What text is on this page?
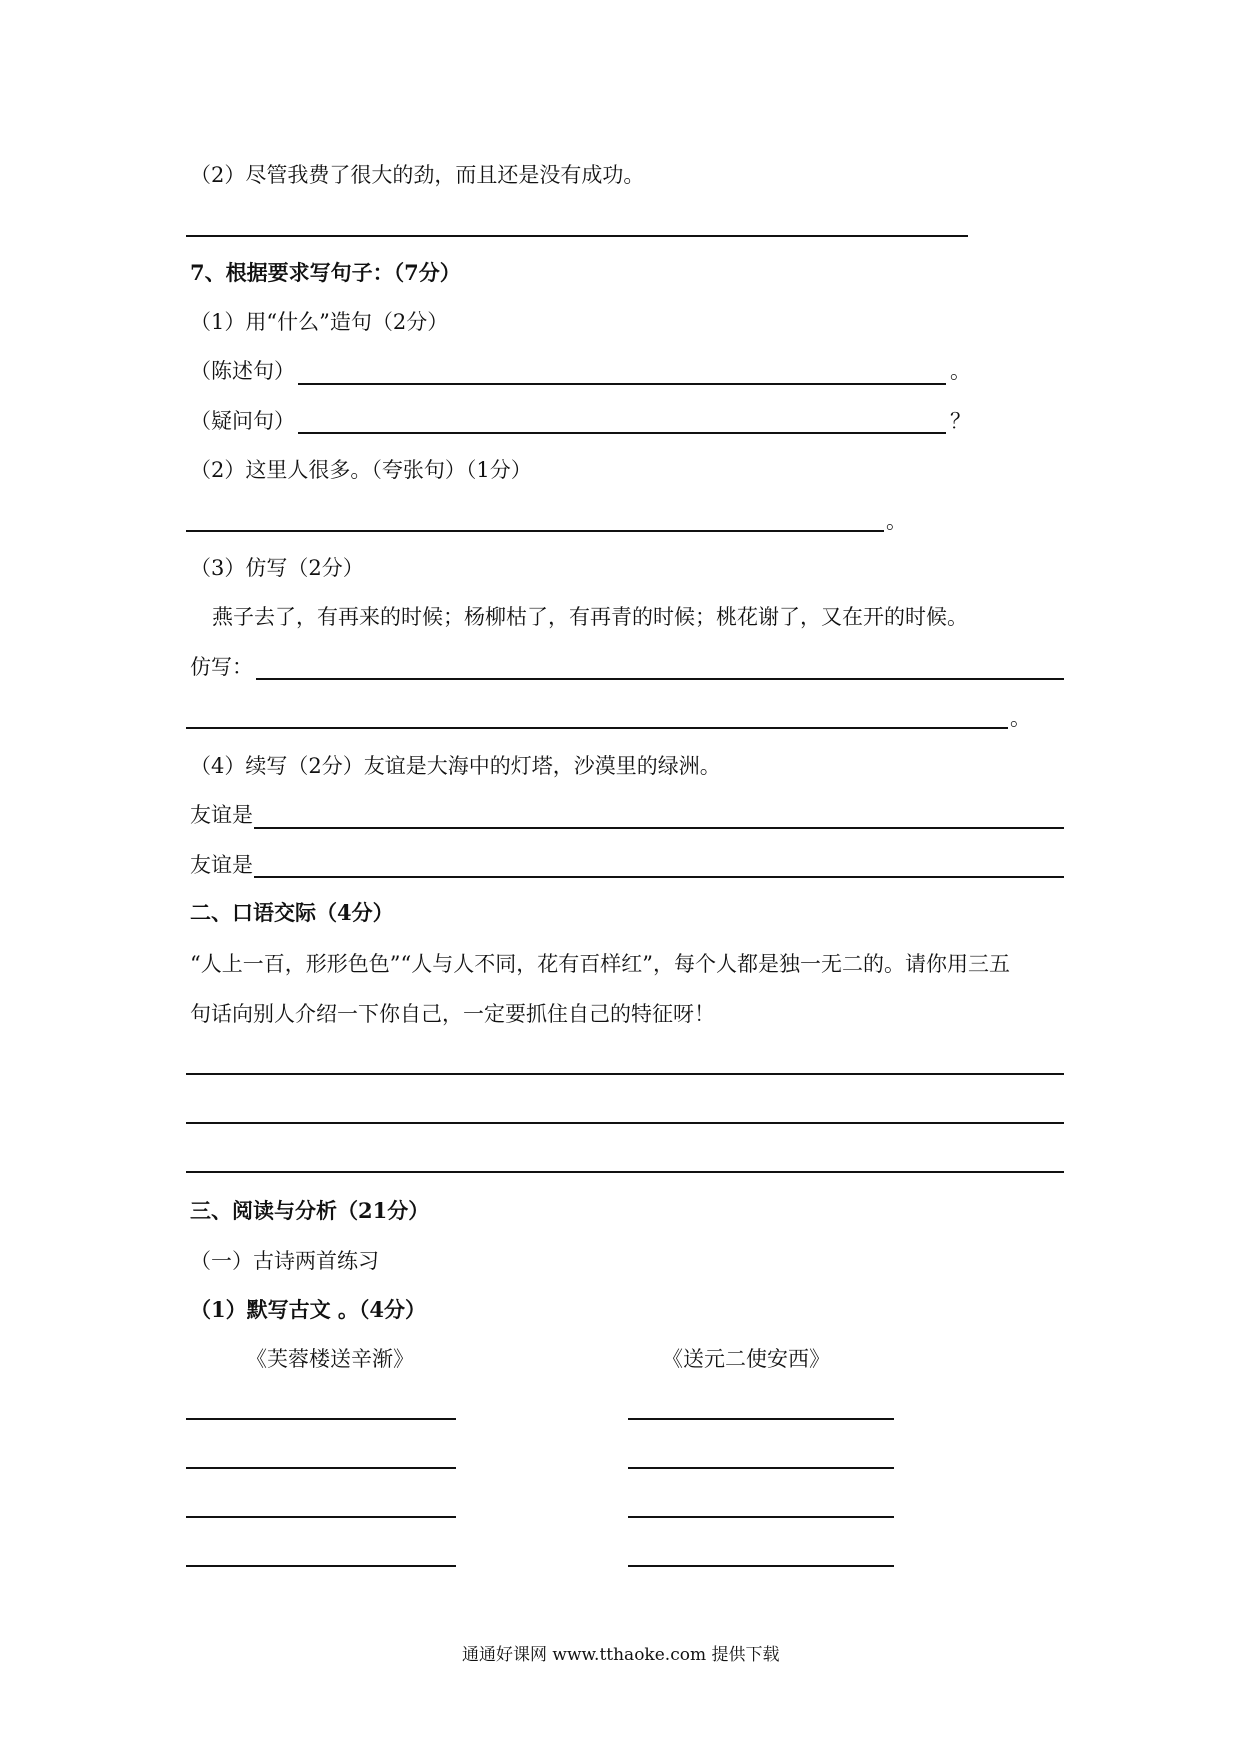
（2）尽管我费了很大的劲，而且还是没有成功。
7、根据要求写句子：（7分）
（1）用“什么”造句（2分）
（陈述句）	。
（疑问句）	？
（2）这里人很多。（夸张句）（1分）
。
（3）仿写（2分）
燕子去了，有再来的时候；杨柳枯了，有再青的时候；桃花谢了，又在开的时候。
仿写：
。
（4）续写（2分）友谊是大海中的灯塔，沙漠里的绿洲。
友谊是
友谊是
二、口语交际（4分）
“人上一百，形形色色”“人与人不同，花有百样红”，每个人都是独一无二的。请你用三五
句话向别人介绍一下你自己，一定要抓住自己的特征呀！
三、阅读与分析（21分）
（一）古诗两首练习
（1）默写古文 。（4分）
《芙蓉楼送辛渐》	《送元二使安西》
通通好课网 www.tthaoke.com 提供下载
